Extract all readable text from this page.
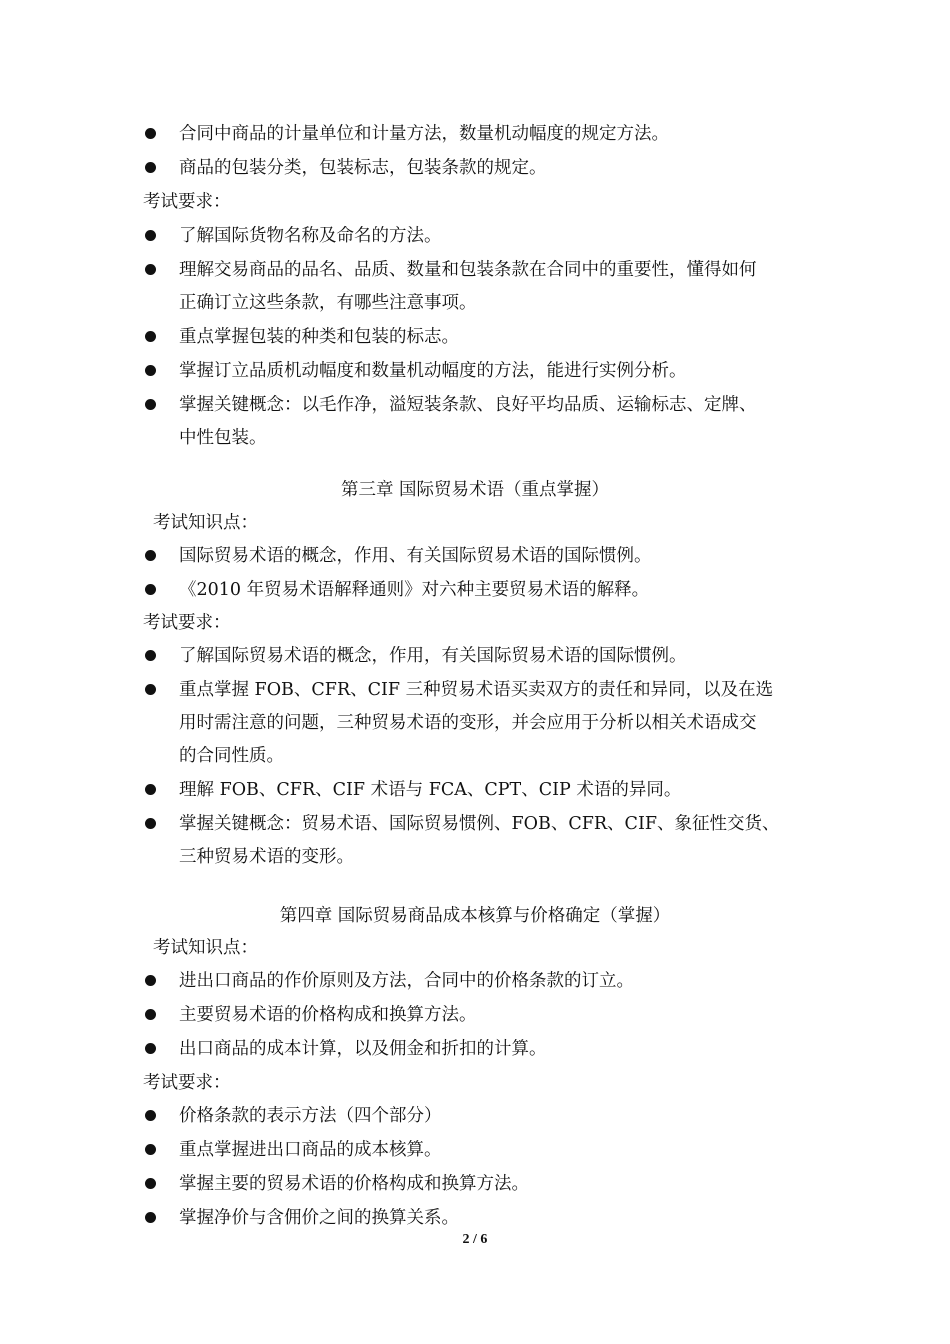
合同中商品的计量单位和计量方法，数量机动幅度的规定方法。
商品的包装分类，包装标志，包装条款的规定。
考试要求：
了解国际货物名称及命名的方法。
理解交易商品的品名、品质、数量和包装条款在合同中的重要性，懂得如何
正确订立这些条款，有哪些注意事项。
重点掌握包装的种类和包装的标志。
掌握订立品质机动幅度和数量机动幅度的方法，能进行实例分析。
掌握关键概念：以毛作净，溢短装条款、良好平均品质、运输标志、定牌、
中性包装。
第三章 国际贸易术语（重点掌握）
考试知识点：
国际贸易术语的概念，作用、有关国际贸易术语的国际惯例。
《2010 年贸易术语解释通则》对六种主要贸易术语的解释。
考试要求：
了解国际贸易术语的概念，作用，有关国际贸易术语的国际惯例。
重点掌握 FOB、CFR、CIF 三种贸易术语买卖双方的责任和异同，以及在选
用时需注意的问题，三种贸易术语的变形，并会应用于分析以相关术语成交
的合同性质。
理解 FOB、CFR、CIF 术语与 FCA、CPT、CIP 术语的异同。
掌握关键概念：贸易术语、国际贸易惯例、FOB、CFR、CIF、象征性交货、
三种贸易术语的变形。
第四章 国际贸易商品成本核算与价格确定（掌握）
考试知识点：
进出口商品的作价原则及方法，合同中的价格条款的订立。
主要贸易术语的价格构成和换算方法。
出口商品的成本计算，以及佣金和折扣的计算。
考试要求：
价格条款的表示方法（四个部分）
重点掌握进出口商品的成本核算。
掌握主要的贸易术语的价格构成和换算方法。
掌握净价与含佣价之间的换算关系。
2 / 6
